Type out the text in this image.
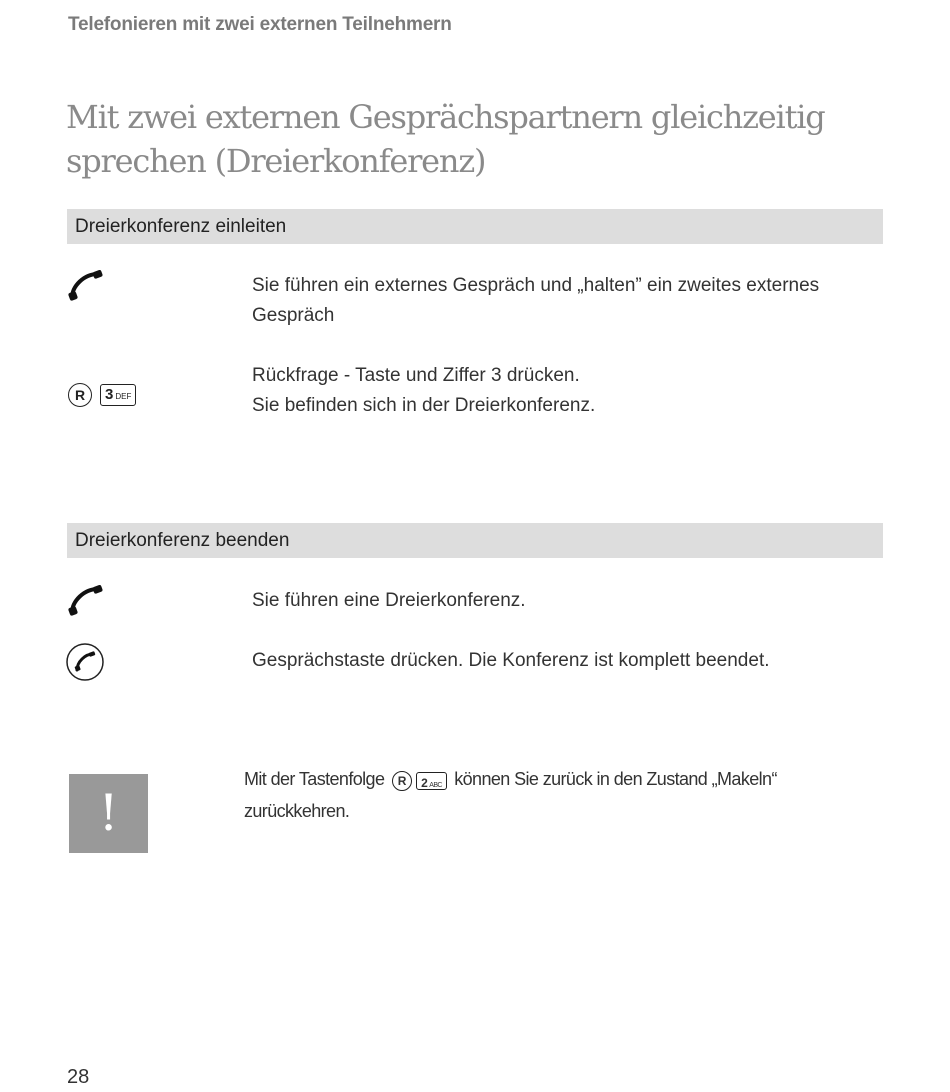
Telefonieren mit zwei externen Teilnehmern
Mit zwei externen Gesprächspartnern gleichzeitig sprechen (Dreierkonferenz)
Dreierkonferenz einleiten
Sie führen ein externes Gespräch und „halten” ein zweites externes Gespräch
R	3 DEF
Rückfrage - Taste und Ziffer 3 drücken.
Sie befinden sich in der Dreierkonferenz.
Dreierkonferenz beenden
Sie führen eine Dreierkonferenz.
Gesprächstaste drücken. Die Konferenz ist komplett beendet.
!
Mit der Tastenfolge R 2 ABC können Sie zurück in den Zustand „Makeln“ zurückkehren.
28
